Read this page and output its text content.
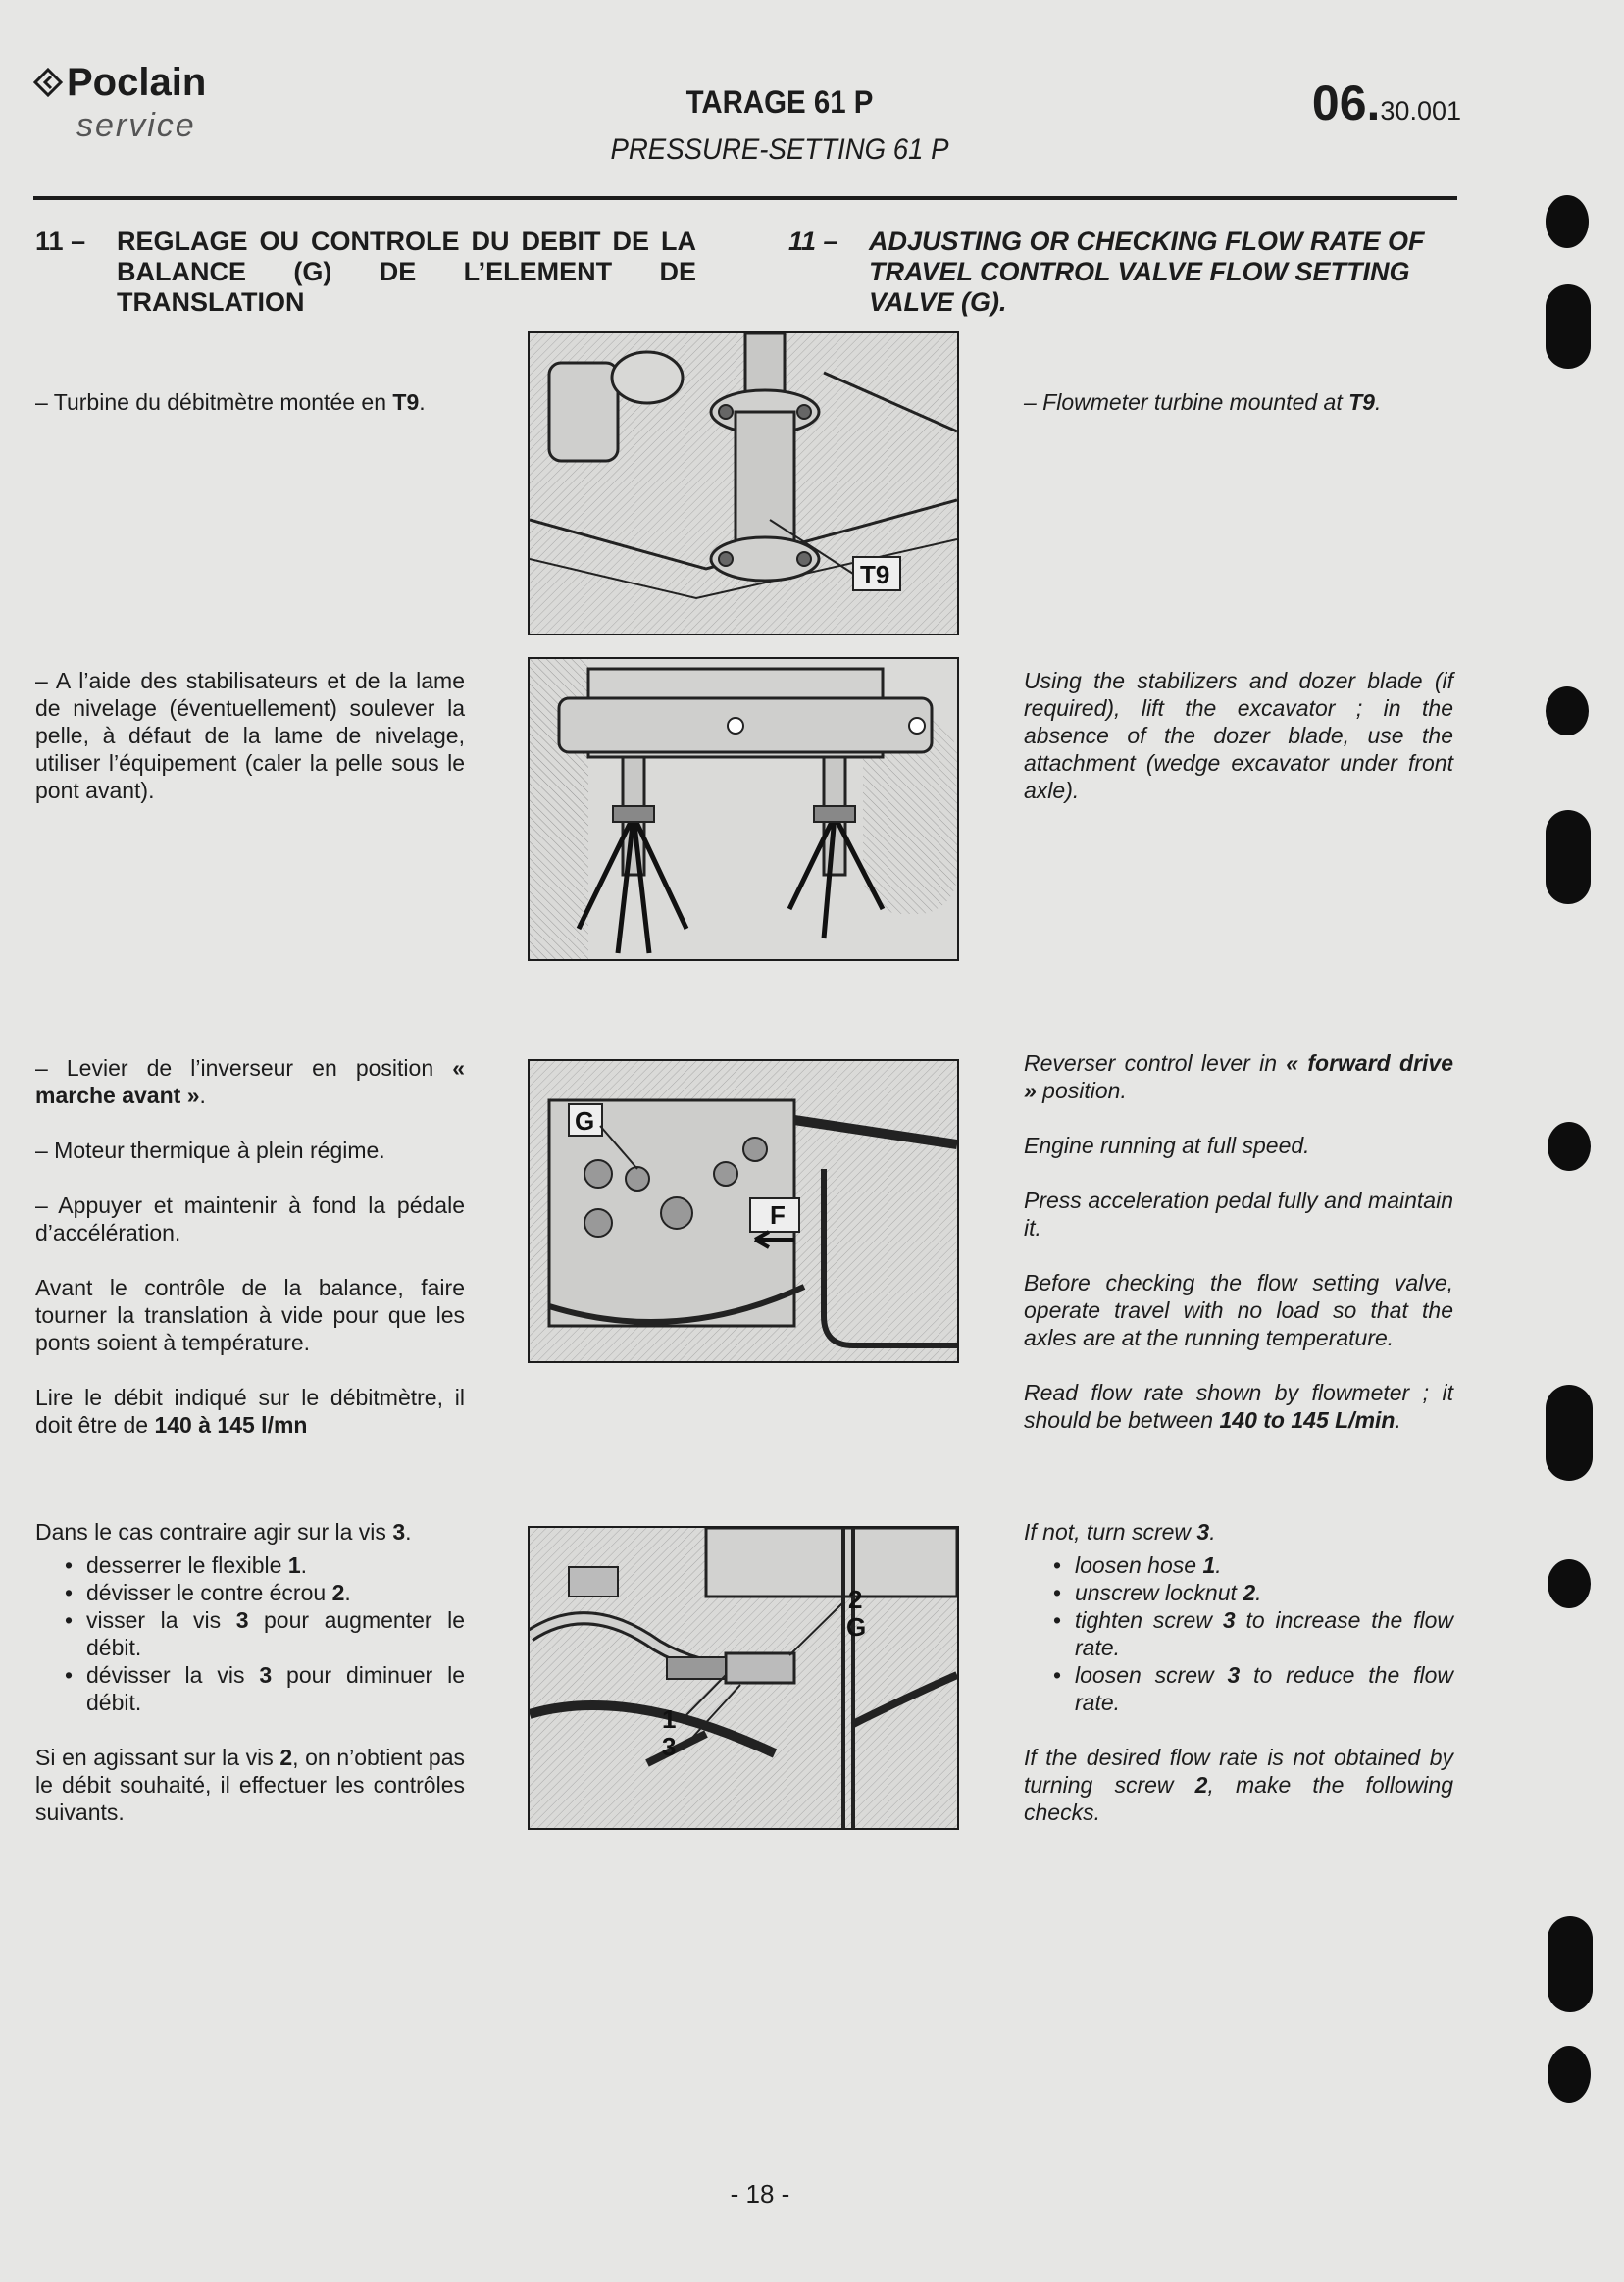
Poclain
service
TARAGE 61 P
PRESSURE-SETTING 61 P
06.30.001
11 – REGLAGE OU CONTROLE DU DEBIT DE LA BALANCE (G) DE L’ELEMENT DE TRANSLATION
11 – ADJUSTING OR CHECKING FLOW RATE OF TRAVEL CONTROL VALVE FLOW SETTING VALVE (G).

– Turbine du débitmètre montée en T9.	– Flowmeter turbine mounted at T9.

T9
– A l’aide des stabilisateurs et de la lame de nivelage (éventuellement) soulever la pelle, à défaut de la lame de nivelage, utiliser l’équipement (caler la pelle sous le pont avant).
Using the stabilizers and dozer blade (if required), lift the excavator ; in the absence of the dozer blade, use the attachment (wedge excavator under front axle).

– Levier de l’inverseur en position « marche avant ».

– Moteur thermique à plein régime.

– Appuyer et maintenir à fond la pédale d’accélération.

Avant le contrôle de la balance, faire tourner la translation à vide pour que les ponts soient à température.

Lire le débit indiqué sur le débitmètre, il doit être de 140 à 145 l/mn

Reverser control lever in « forward drive » position.

Engine running at full speed.

Press acceleration pedal fully and maintain it.

Before checking the flow setting valve, operate travel with no load so that the axles are at the running temperature.

Read flow rate shown by flowmeter ; it should be between 140 to 145 L/min.

F
G

Dans le cas contraire agir sur la vis 3.

• desserrer le flexible 1.
• dévisser le contre écrou 2.
• visser la vis 3 pour augmenter le débit.
• dévisser la vis 3 pour diminuer le débit.

Si en agissant sur la vis 2, on n’obtient pas le débit souhaité, il effectuer les contrôles suivants.

If not, turn screw 3.

• loosen hose 1.
• unscrew locknut 2.
• tighten screw 3 to increase the flow rate.
• loosen screw 3 to reduce the flow rate.

If the desired flow rate is not obtained by turning screw 2, make the following checks.

2
G
1
3
- 18 -
